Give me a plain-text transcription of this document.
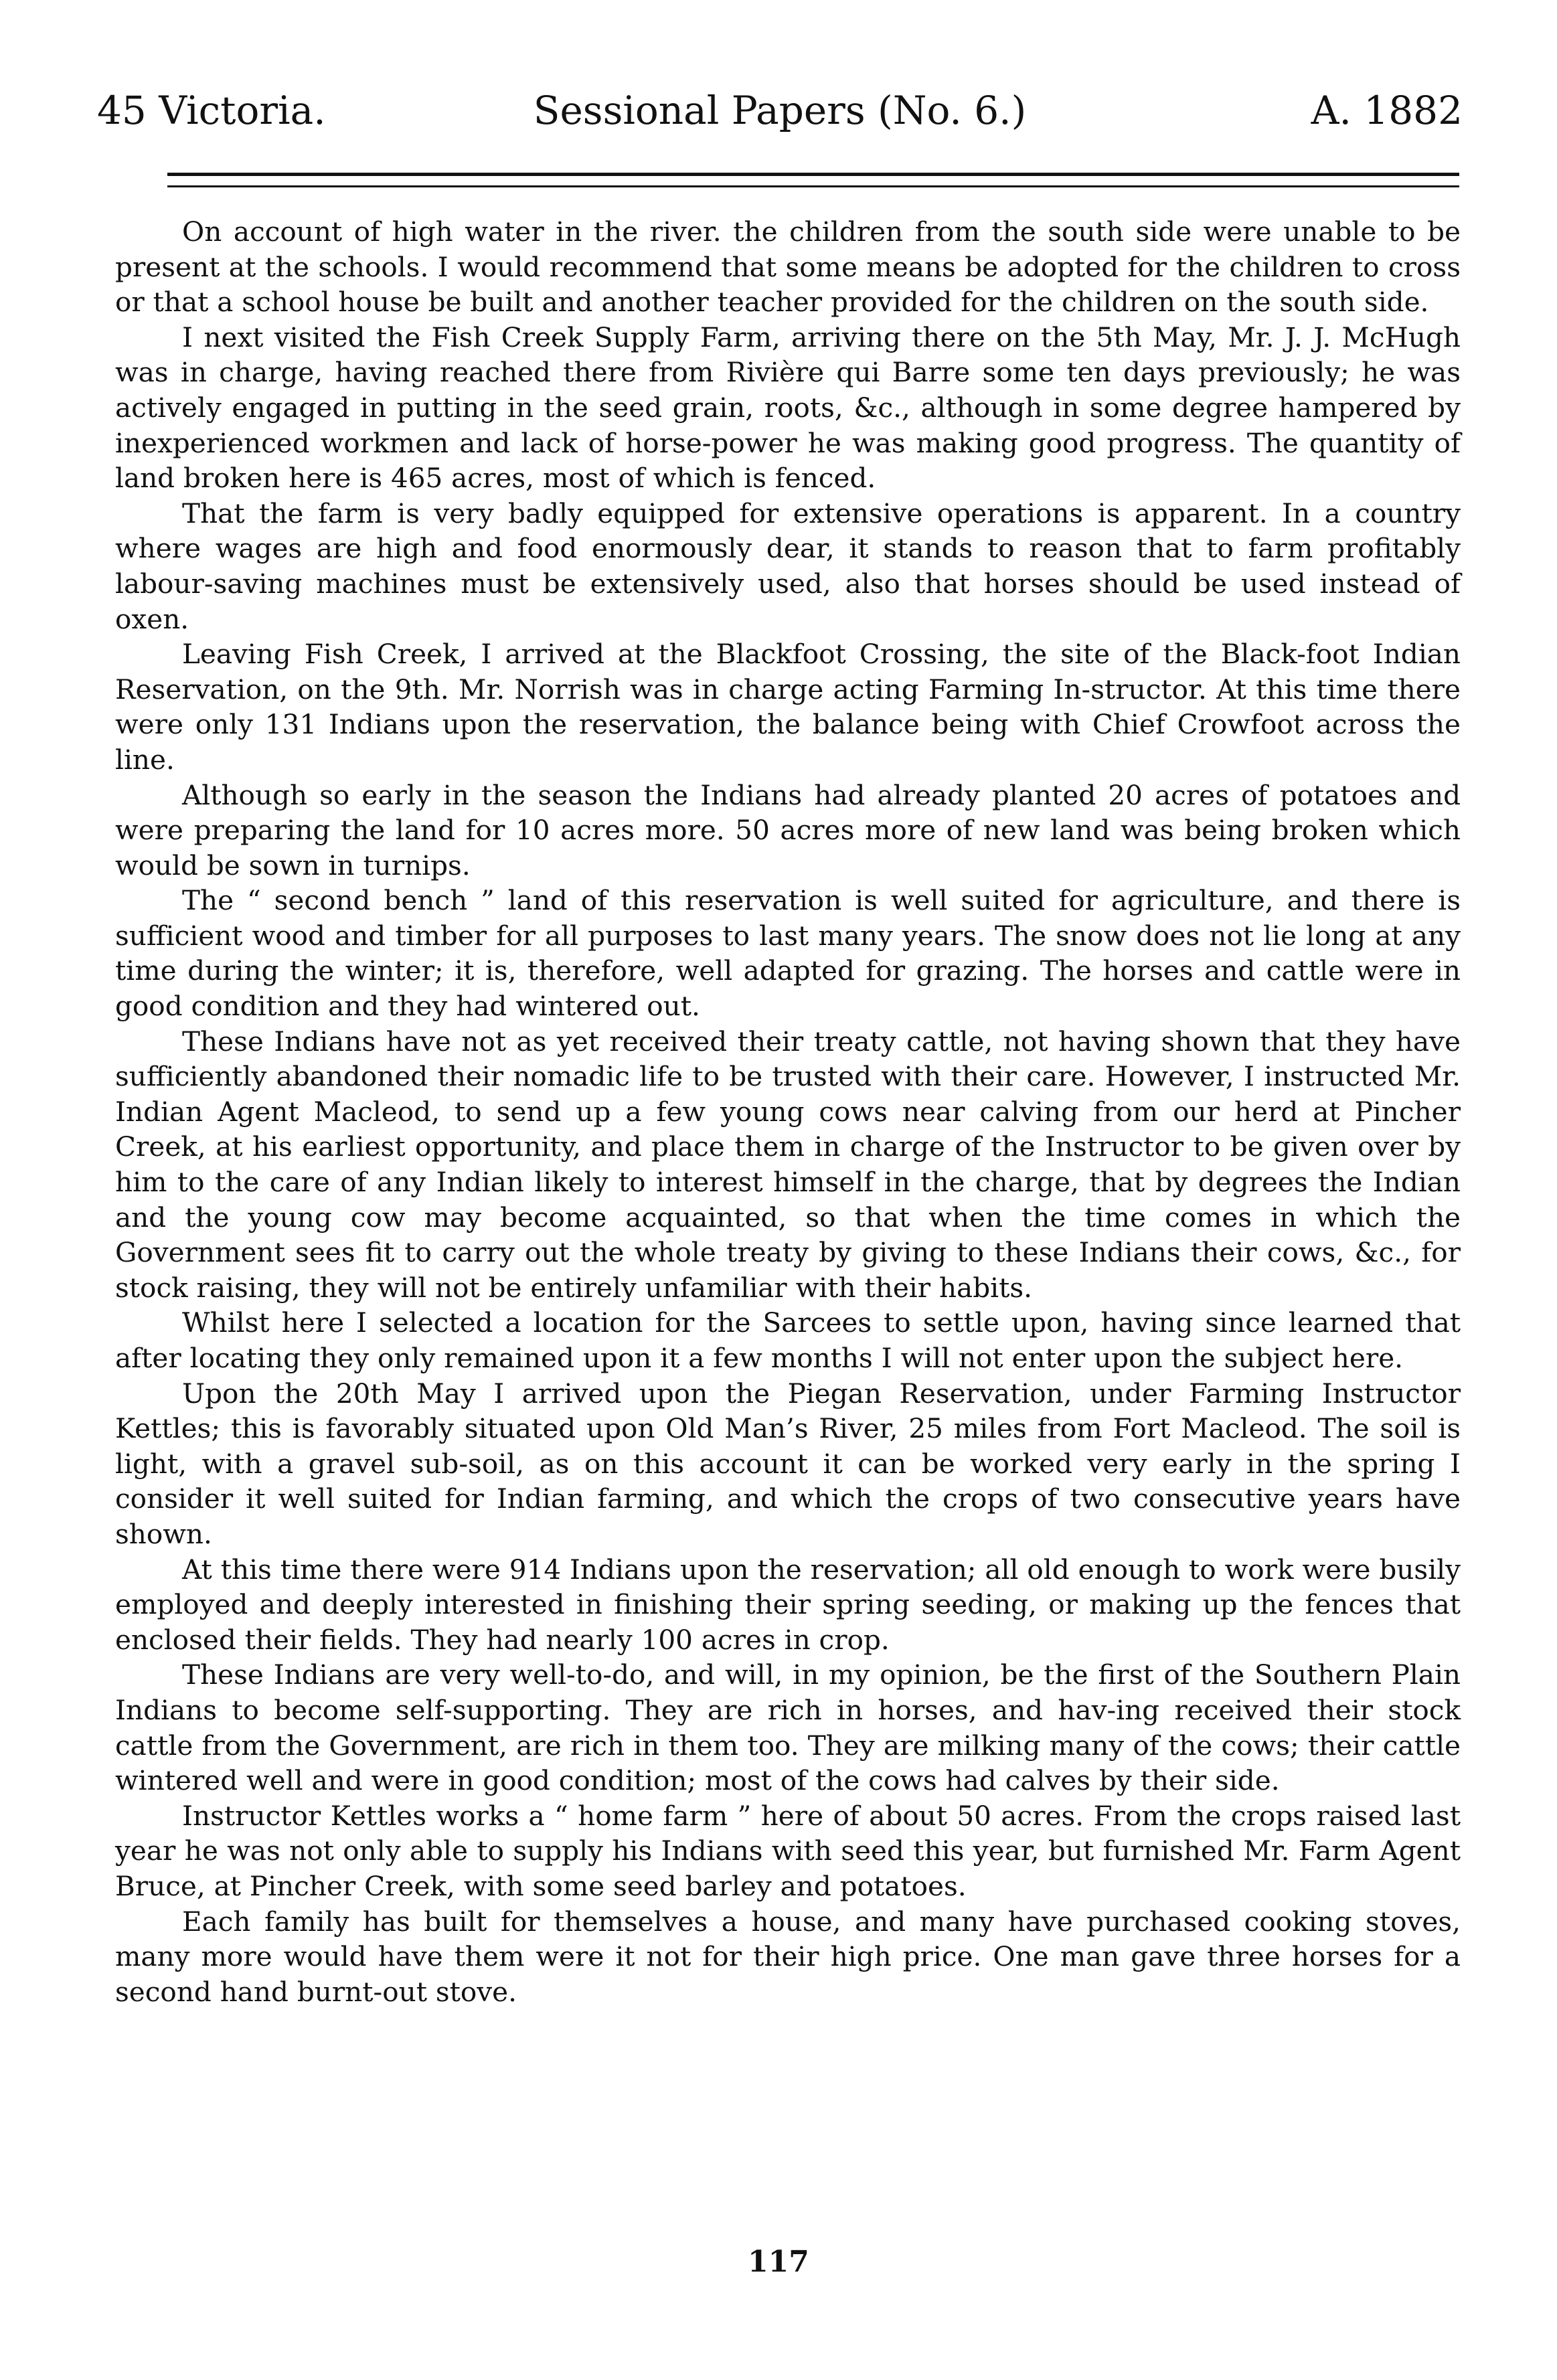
45 Victoria.	Sessional Papers (No. 6.)	A. 1882

On account of high water in the river. the children from the south side were unable to be present at the schools. I would recommend that some means be adopted for the children to cross or that a school house be built and another teacher provided for the children on the south side.

I next visited the Fish Creek Supply Farm, arriving there on the 5th May, Mr. J. J. McHugh was in charge, having reached there from Rivière qui Barre some ten days previously; he was actively engaged in putting in the seed grain, roots, &c., although in some degree hampered by inexperienced workmen and lack of horse-power he was making good progress. The quantity of land broken here is 465 acres, most of which is fenced.

That the farm is very badly equipped for extensive operations is apparent. In a country where wages are high and food enormously dear, it stands to reason that to farm profitably labour-saving machines must be extensively used, also that horses should be used instead of oxen.

Leaving Fish Creek, I arrived at the Blackfoot Crossing, the site of the Black-foot Indian Reservation, on the 9th. Mr. Norrish was in charge acting Farming In-structor. At this time there were only 131 Indians upon the reservation, the balance being with Chief Crowfoot across the line.

Although so early in the season the Indians had already planted 20 acres of potatoes and were preparing the land for 10 acres more. 50 acres more of new land was being broken which would be sown in turnips.

The “ second bench ” land of this reservation is well suited for agriculture, and there is sufficient wood and timber for all purposes to last many years. The snow does not lie long at any time during the winter; it is, therefore, well adapted for grazing. The horses and cattle were in good condition and they had wintered out.

These Indians have not as yet received their treaty cattle, not having shown that they have sufficiently abandoned their nomadic life to be trusted with their care. However, I instructed Mr. Indian Agent Macleod, to send up a few young cows near calving from our herd at Pincher Creek, at his earliest opportunity, and place them in charge of the Instructor to be given over by him to the care of any Indian likely to interest himself in the charge, that by degrees the Indian and the young cow may become acquainted, so that when the time comes in which the Government sees fit to carry out the whole treaty by giving to these Indians their cows, &c., for stock raising, they will not be entirely unfamiliar with their habits.

Whilst here I selected a location for the Sarcees to settle upon, having since learned that after locating they only remained upon it a few months I will not enter upon the subject here.

Upon the 20th May I arrived upon the Piegan Reservation, under Farming Instructor Kettles; this is favorably situated upon Old Man’s River, 25 miles from Fort Macleod. The soil is light, with a gravel sub-soil, as on this account it can be worked very early in the spring I consider it well suited for Indian farming, and which the crops of two consecutive years have shown.

At this time there were 914 Indians upon the reservation; all old enough to work were busily employed and deeply interested in finishing their spring seeding, or making up the fences that enclosed their fields. They had nearly 100 acres in crop.

These Indians are very well-to-do, and will, in my opinion, be the first of the Southern Plain Indians to become self-supporting. They are rich in horses, and hav-ing received their stock cattle from the Government, are rich in them too. They are milking many of the cows; their cattle wintered well and were in good condition; most of the cows had calves by their side.

Instructor Kettles works a “ home farm ” here of about 50 acres. From the crops raised last year he was not only able to supply his Indians with seed this year, but furnished Mr. Farm Agent Bruce, at Pincher Creek, with some seed barley and potatoes.

Each family has built for themselves a house, and many have purchased cooking stoves, many more would have them were it not for their high price. One man gave three horses for a second hand burnt-out stove.

117
